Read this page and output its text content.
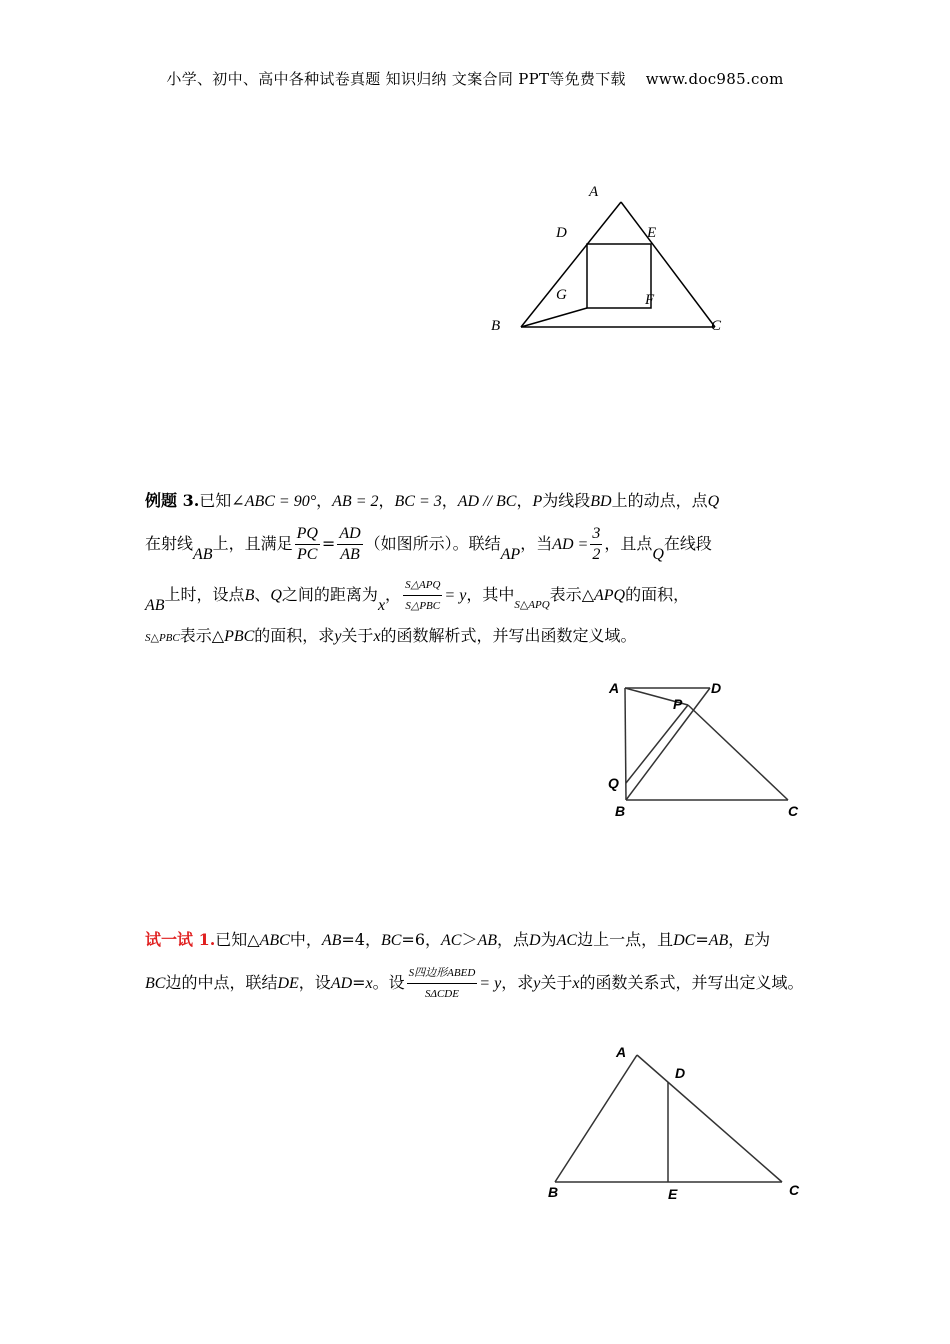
小学、初中、高中各种试卷真题 知识归纳 文案合同 PPT等免费下载 www.doc985.com
A
D	E
G	F
B	C
例题 3.已知∠ABC = 90°，AB = 2，BC = 3，AD // BC，P为线段BD上的动点，点Q
在射线AB上，且满足 $\frac{PQ}{PC} = \frac{AD}{AB}$ （如图所示）。联结AP，当AD = $\frac{3}{2}$ ，且点Q在线段
AB上时，设点B、Q之间的距离为x， $\frac{\text{S△APQ}}{\text{S△PBC}} = y$，其中$_{S\triangle APQ}$表示△APQ的面积，
S△PBC表示△PBC的面积，求y关于x的函数解析式，并写出函数定义域。
A	D
P
Q
B	C
试一试 1.已知△ABC中，AB=4，BC=6，AC＞AB，点D为AC边上一点，且DC=AB，E为
BC边的中点，联结DE，设AD=x。设 $\frac{\text{S四边形ABED}}{\text{SΔCDE}} = y$，求y关于x的函数关系式，并写出定义域。
A
D
B	E	C
